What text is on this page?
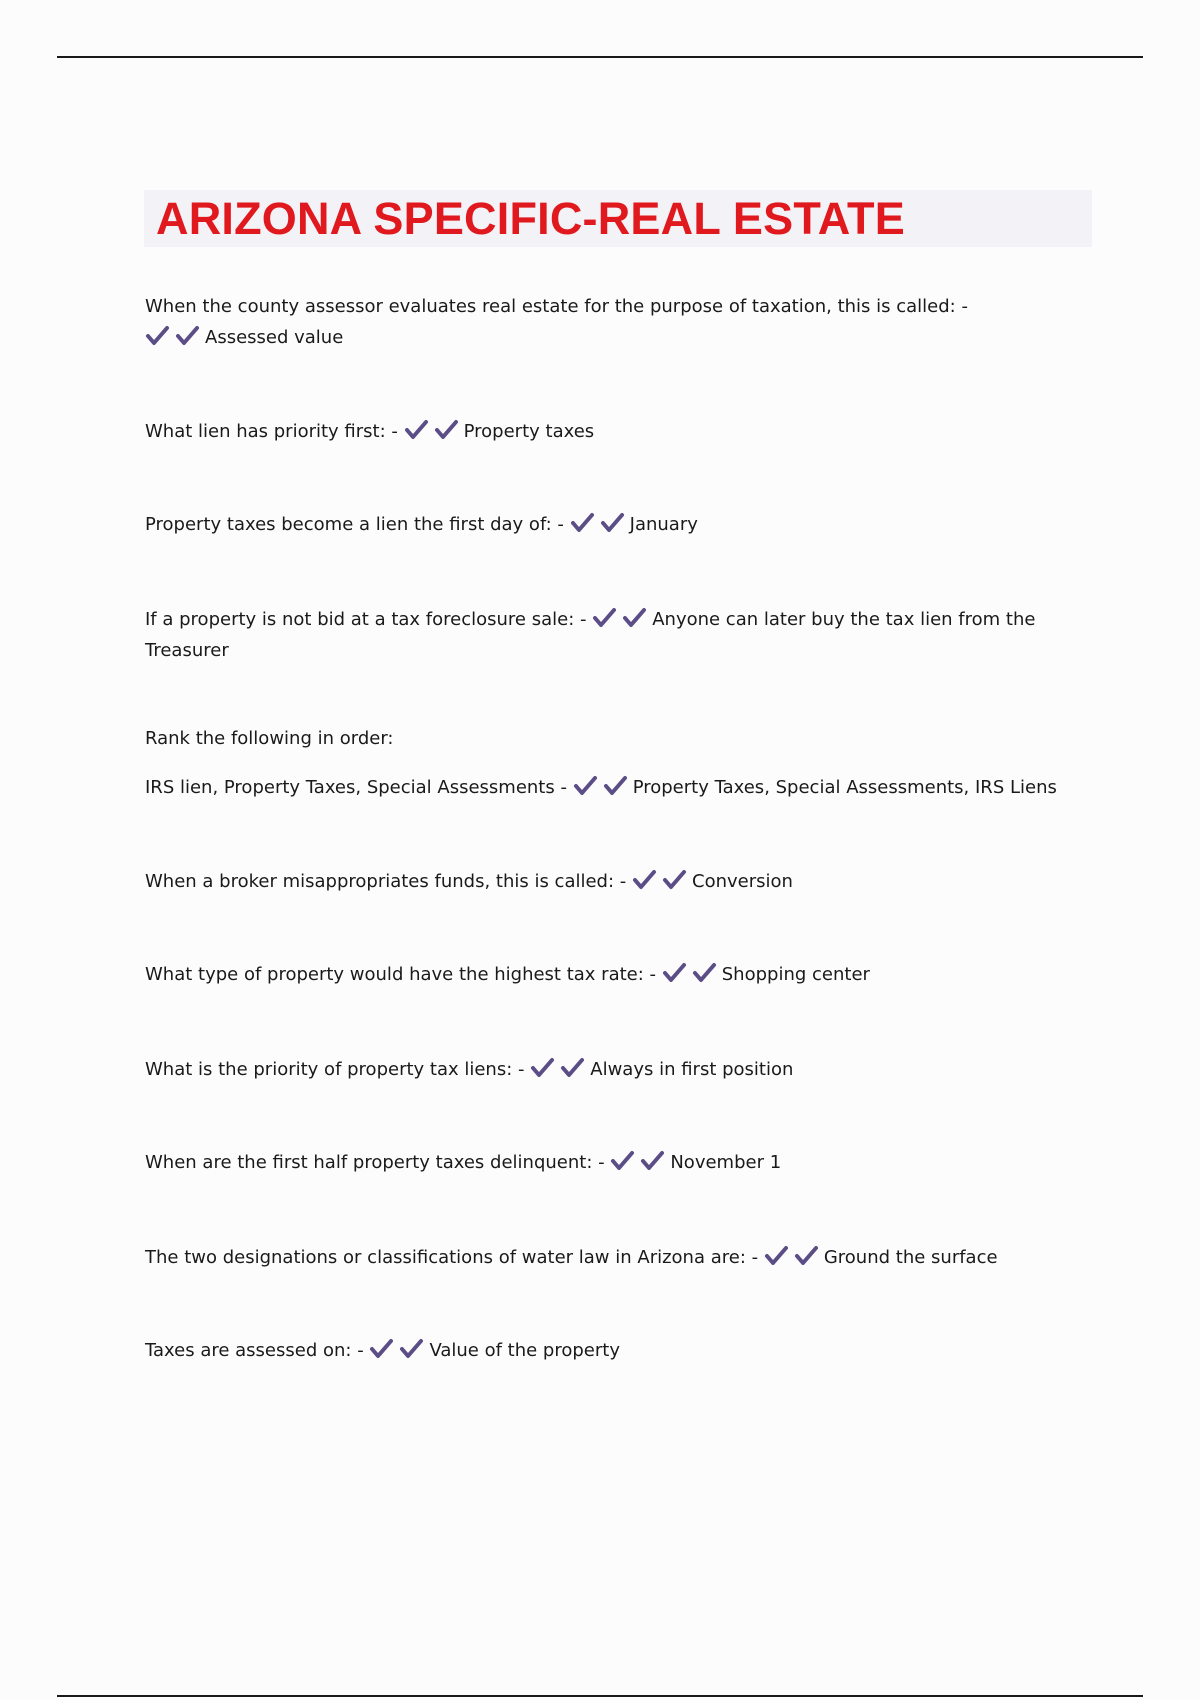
ARIZONA SPECIFIC-REAL ESTATE

When the county assessor evaluates real estate for the purpose of taxation, this is called: -

Assessed value

What lien has priority first: -	Property taxes

Property taxes become a lien the first day of: -	January

If a property is not bid at a tax foreclosure sale: -	Anyone can later buy the tax lien from the Treasurer

Rank the following in order:

IRS lien, Property Taxes, Special Assessments -	Property Taxes, Special Assessments, IRS Liens

When a broker misappropriates funds, this is called: -	Conversion

What type of property would have the highest tax rate: -	Shopping center

What is the priority of property tax liens: -	Always in first position

When are the first half property taxes delinquent: -	November 1

The two designations or classifications of water law in Arizona are: -	Ground the surface

Taxes are assessed on: -	Value of the property
